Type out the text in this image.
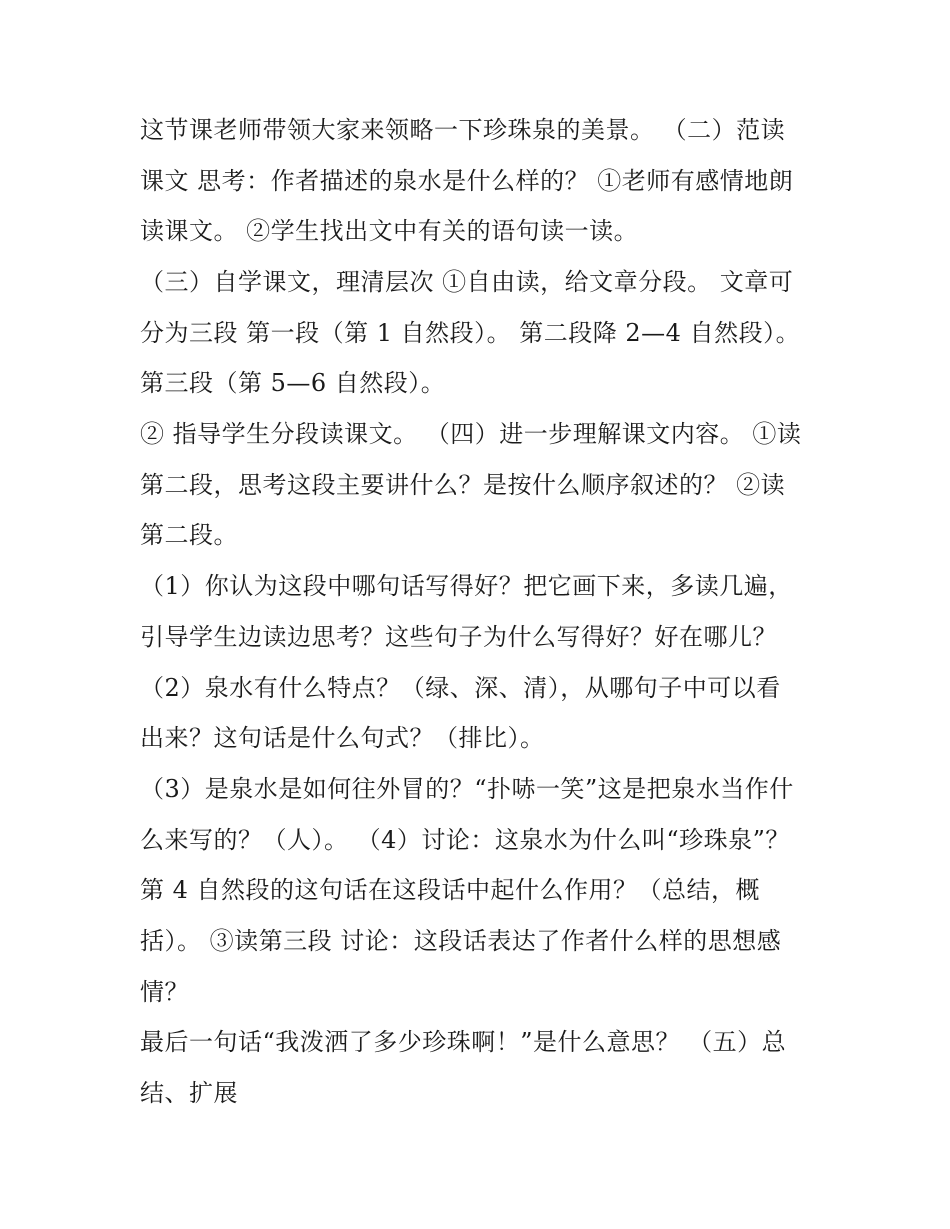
这节课老师带领大家来领略一下珍珠泉的美景。 （二）范读
课文 思考：作者描述的泉水是什么样的？ ①老师有感情地朗
读课文。 ②学生找出文中有关的语句读一读。
（三）自学课文，理清层次 ①自由读，给文章分段。 文章可
分为三段 第一段（第 1 自然段）。 第二段降 2—4 自然段）。
第三段（第 5—6 自然段）。
② 指导学生分段读课文。 （四）进一步理解课文内容。 ①读
第二段，思考这段主要讲什么？是按什么顺序叙述的？ ②读
第二段。
（1）你认为这段中哪句话写得好？把它画下来，多读几遍，
引导学生边读边思考？这些句子为什么写得好？好在哪儿？
（2）泉水有什么特点？（绿、深、清），从哪句子中可以看
出来？这句话是什么句式？（排比）。
（3）是泉水是如何往外冒的？“扑哧一笑”这是把泉水当作什
么来写的？（人）。 （4）讨论：这泉水为什么叫“珍珠泉”？
第 4 自然段的这句话在这段话中起什么作用？（总结，概
括）。 ③读第三段 讨论：这段话表达了作者什么样的思想感
情？
最后一句话“我泼洒了多少珍珠啊！”是什么意思？ （五）总
结、扩展
